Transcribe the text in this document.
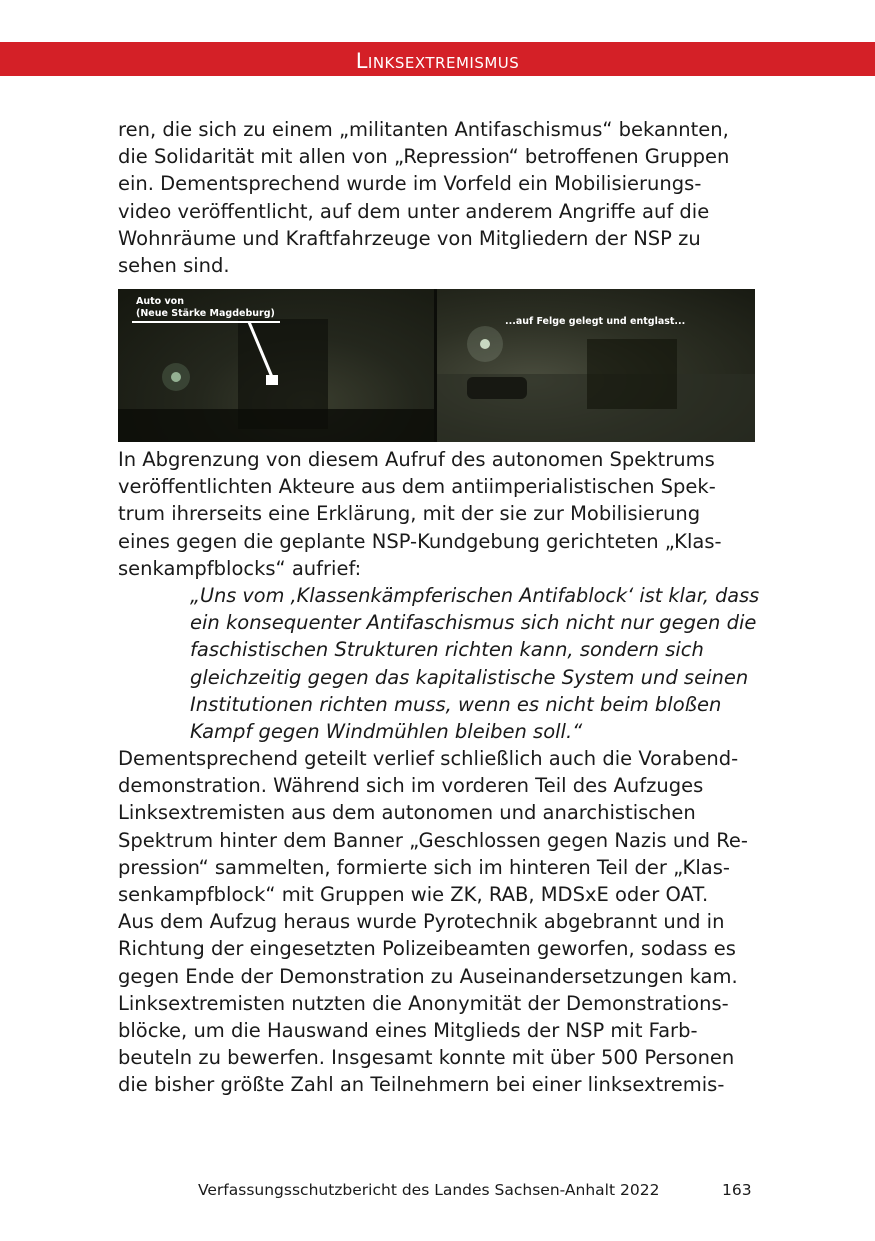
Linksextremismus
ren, die sich zu einem „militanten Antifaschismus“ bekannten,
die Solidarität mit allen von „Repression“ betroffenen Gruppen
ein. Dementsprechend wurde im Vorfeld ein Mobilisierungs-
video veröffentlicht, auf dem unter anderem Angriffe auf die
Wohnräume und Kraftfahrzeuge von Mitgliedern der NSP zu
sehen sind.
Auto von
(Neue Stärke Magdeburg)
...auf Felge gelegt und entglast...
In Abgrenzung von diesem Aufruf des autonomen Spektrums
veröffentlichten Akteure aus dem antiimperialistischen Spek-
trum ihrerseits eine Erklärung, mit der sie zur Mobilisierung
eines gegen die geplante NSP-Kundgebung gerichteten „Klas-
senkampfblocks“ aufrief:
„Uns vom ‚Klassenkämpferischen Antifablock‘ ist klar, dass
ein konsequenter Antifaschismus sich nicht nur gegen die
faschistischen Strukturen richten kann, sondern sich
gleichzeitig gegen das kapitalistische System und seinen
Institutionen richten muss, wenn es nicht beim bloßen
Kampf gegen Windmühlen bleiben soll.“
Dementsprechend geteilt verlief schließlich auch die Vorabend-
demonstration. Während sich im vorderen Teil des Aufzuges
Linksextremisten aus dem autonomen und anarchistischen
Spektrum hinter dem Banner „Geschlossen gegen Nazis und Re-
pression“ sammelten, formierte sich im hinteren Teil der „Klas-
senkampfblock“ mit Gruppen wie ZK, RAB, MDSxE oder OAT.
Aus dem Aufzug heraus wurde Pyrotechnik abgebrannt und in
Richtung der eingesetzten Polizeibeamten geworfen, sodass es
gegen Ende der Demonstration zu Auseinandersetzungen kam.
Linksextremisten nutzten die Anonymität der Demonstrations-
blöcke, um die Hauswand eines Mitglieds der NSP mit Farb-
beuteln zu bewerfen. Insgesamt konnte mit über 500 Personen
die bisher größte Zahl an Teilnehmern bei einer linksextremis-
Verfassungsschutzbericht des Landes Sachsen-Anhalt 2022	163
